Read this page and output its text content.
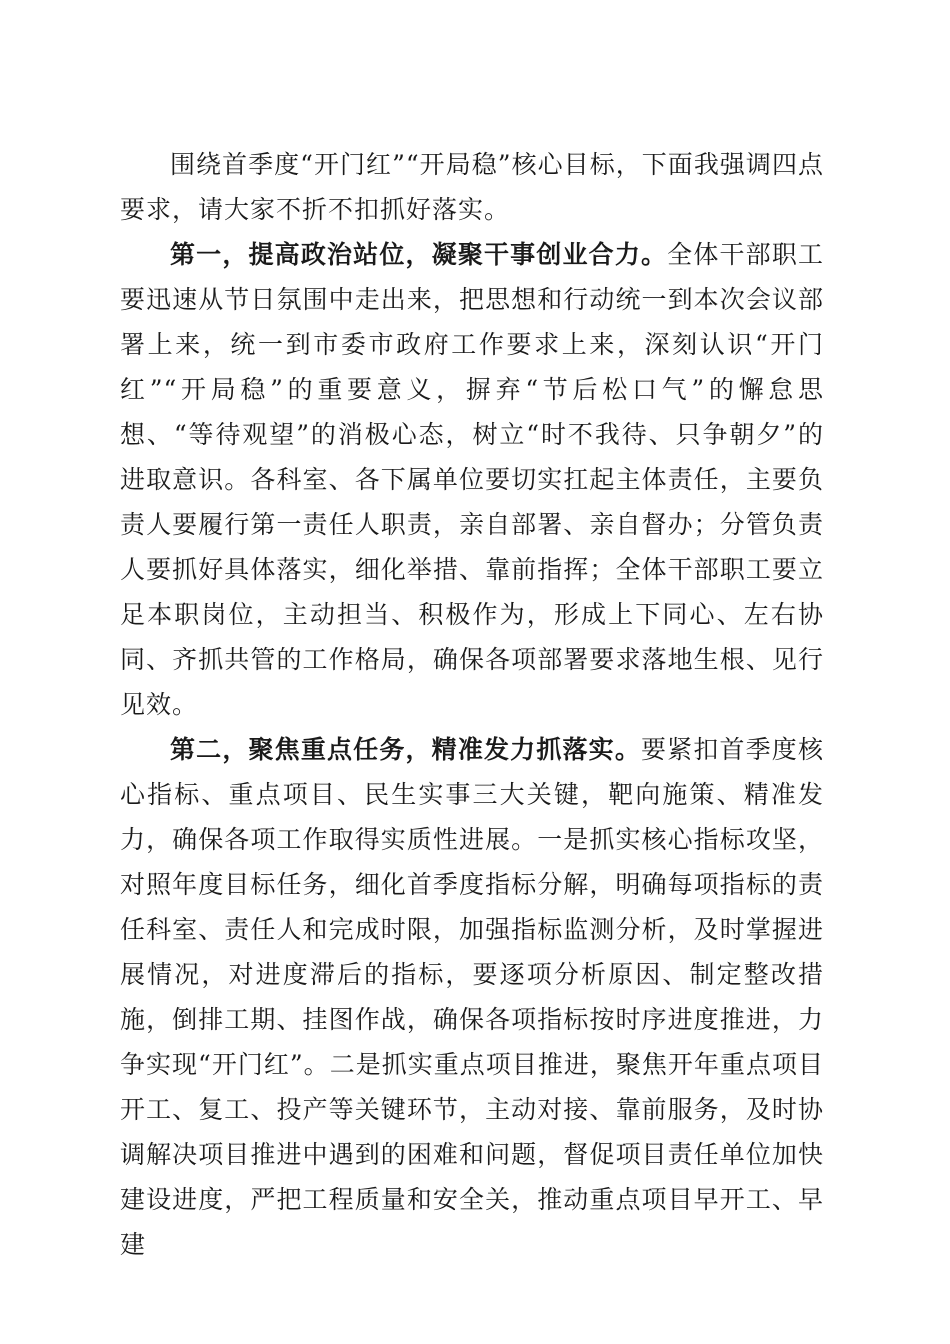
围绕首季度“开门红”“开局稳”核心目标，下面我强调四点要求，请大家不折不扣抓好落实。

第一，提高政治站位，凝聚干事创业合力。全体干部职工要迅速从节日氛围中走出来，把思想和行动统一到本次会议部署上来，统一到市委市政府工作要求上来，深刻认识“开门红”“开局稳”的重要意义，摒弃“节后松口气”的懈怠思想、“等待观望”的消极心态，树立“时不我待、只争朝夕”的进取意识。各科室、各下属单位要切实扛起主体责任，主要负责人要履行第一责任人职责，亲自部署、亲自督办；分管负责人要抓好具体落实，细化举措、靠前指挥；全体干部职工要立足本职岗位，主动担当、积极作为，形成上下同心、左右协同、齐抓共管的工作格局，确保各项部署要求落地生根、见行见效。

第二，聚焦重点任务，精准发力抓落实。要紧扣首季度核心指标、重点项目、民生实事三大关键，靶向施策、精准发力，确保各项工作取得实质性进展。一是抓实核心指标攻坚，对照年度目标任务，细化首季度指标分解，明确每项指标的责任科室、责任人和完成时限，加强指标监测分析，及时掌握进展情况，对进度滞后的指标，要逐项分析原因、制定整改措施，倒排工期、挂图作战，确保各项指标按时序进度推进，力争实现“开门红”。二是抓实重点项目推进，聚焦开年重点项目开工、复工、投产等关键环节，主动对接、靠前服务，及时协调解决项目推进中遇到的困难和问题，督促项目责任单位加快建设进度，严把工程质量和安全关，推动重点项目早开工、早建
